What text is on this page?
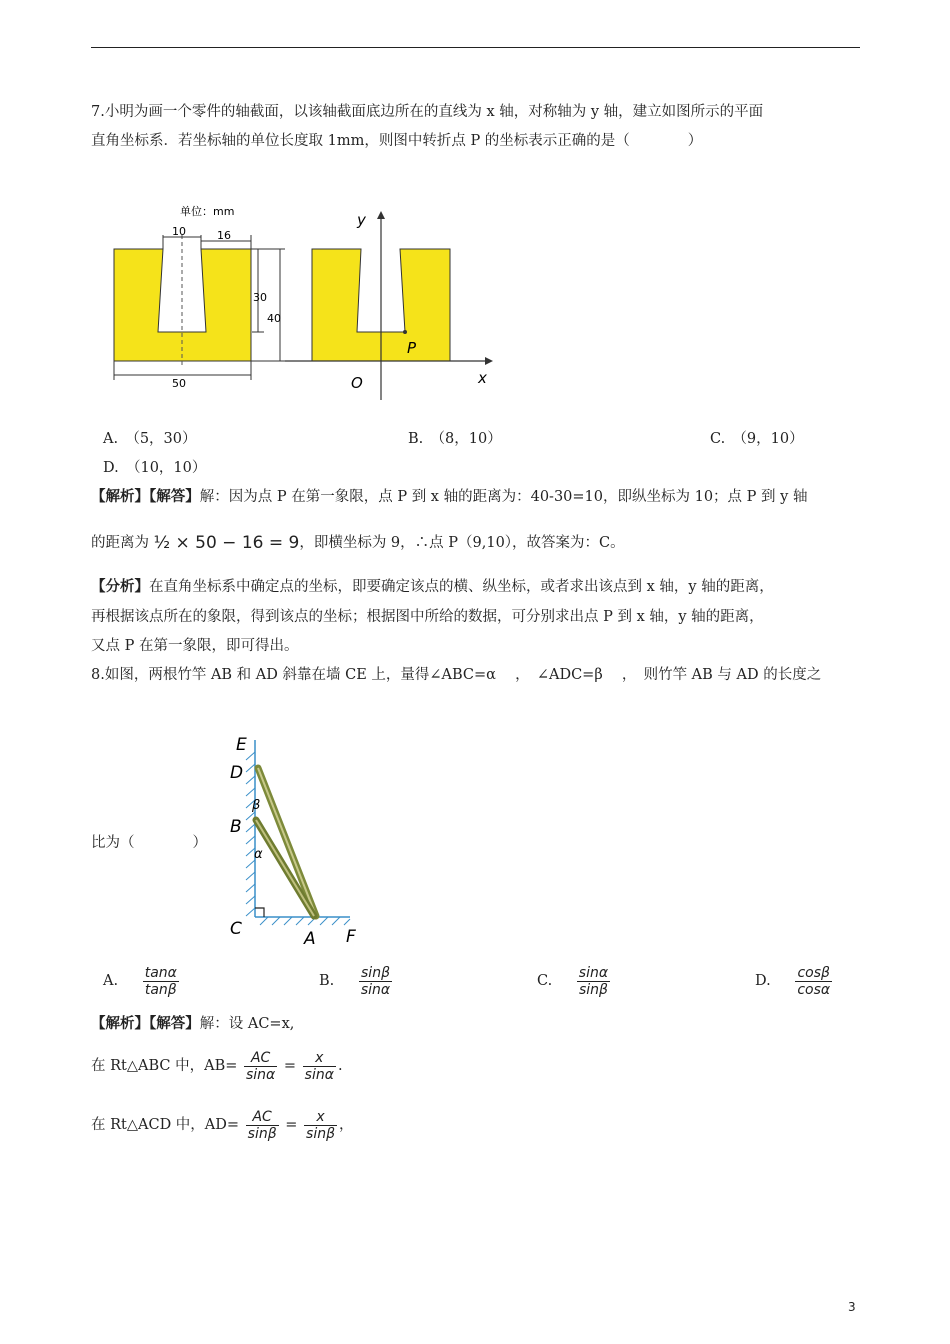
7.小明为画一个零件的轴截面，以该轴截面底边所在的直线为 x 轴，对称轴为 y 轴，建立如图所示的平面
直角坐标系．若坐标轴的单位长度取 1mm，则图中转折点 P 的坐标表示正确的是（　　　　）
单位：mm
10	16
30
40
50
y
x
O
P
A.　（5，30）	B.　（8，10）	C.　（9，10）
D.　（10，10）
【解析】【解答】解：因为点 P 在第一象限，点 P 到 x 轴的距离为：40-30=10，即纵坐标为 10；点 P 到 y 轴
的距离为 ½ × 50 − 16 = 9，即横坐标为 9，∴点 P（9,10），故答案为：C。
【分析】在直角坐标系中确定点的坐标，即要确定该点的横、纵坐标，或者求出该点到 x 轴，y 轴的距离，
再根据该点所在的象限，得到该点的坐标；根据图中所给的数据，可分别求出点 P 到 x 轴，y 轴的距离，
又点 P 在第一象限，即可得出。
8.如图，两根竹竿 AB 和 AD 斜靠在墙 CE 上，量得∠ABC=α　 ，　∠ADC=β　 ，　则竹竿 AB 与 AD 的长度之
比为（　　　　）
E
D
β
B
α
C	A F
A. $\frac{\tan\alpha}{\tan\beta}$	B. $\frac{\sin\beta}{\sin\alpha}$	C. $\frac{\sin\alpha}{\sin\beta}$	D. $\frac{\cos\beta}{\cos\alpha}$
【解析】【解答】解：设 AC=x,
在 Rt△ABC 中，$AB= \frac{AC}{\sin\alpha} = \frac{x}{\sin\alpha}$ .
在 Rt△ACD 中，$AD= \frac{AC}{\sin\beta} = \frac{x}{\sin\beta}$ ，
3
